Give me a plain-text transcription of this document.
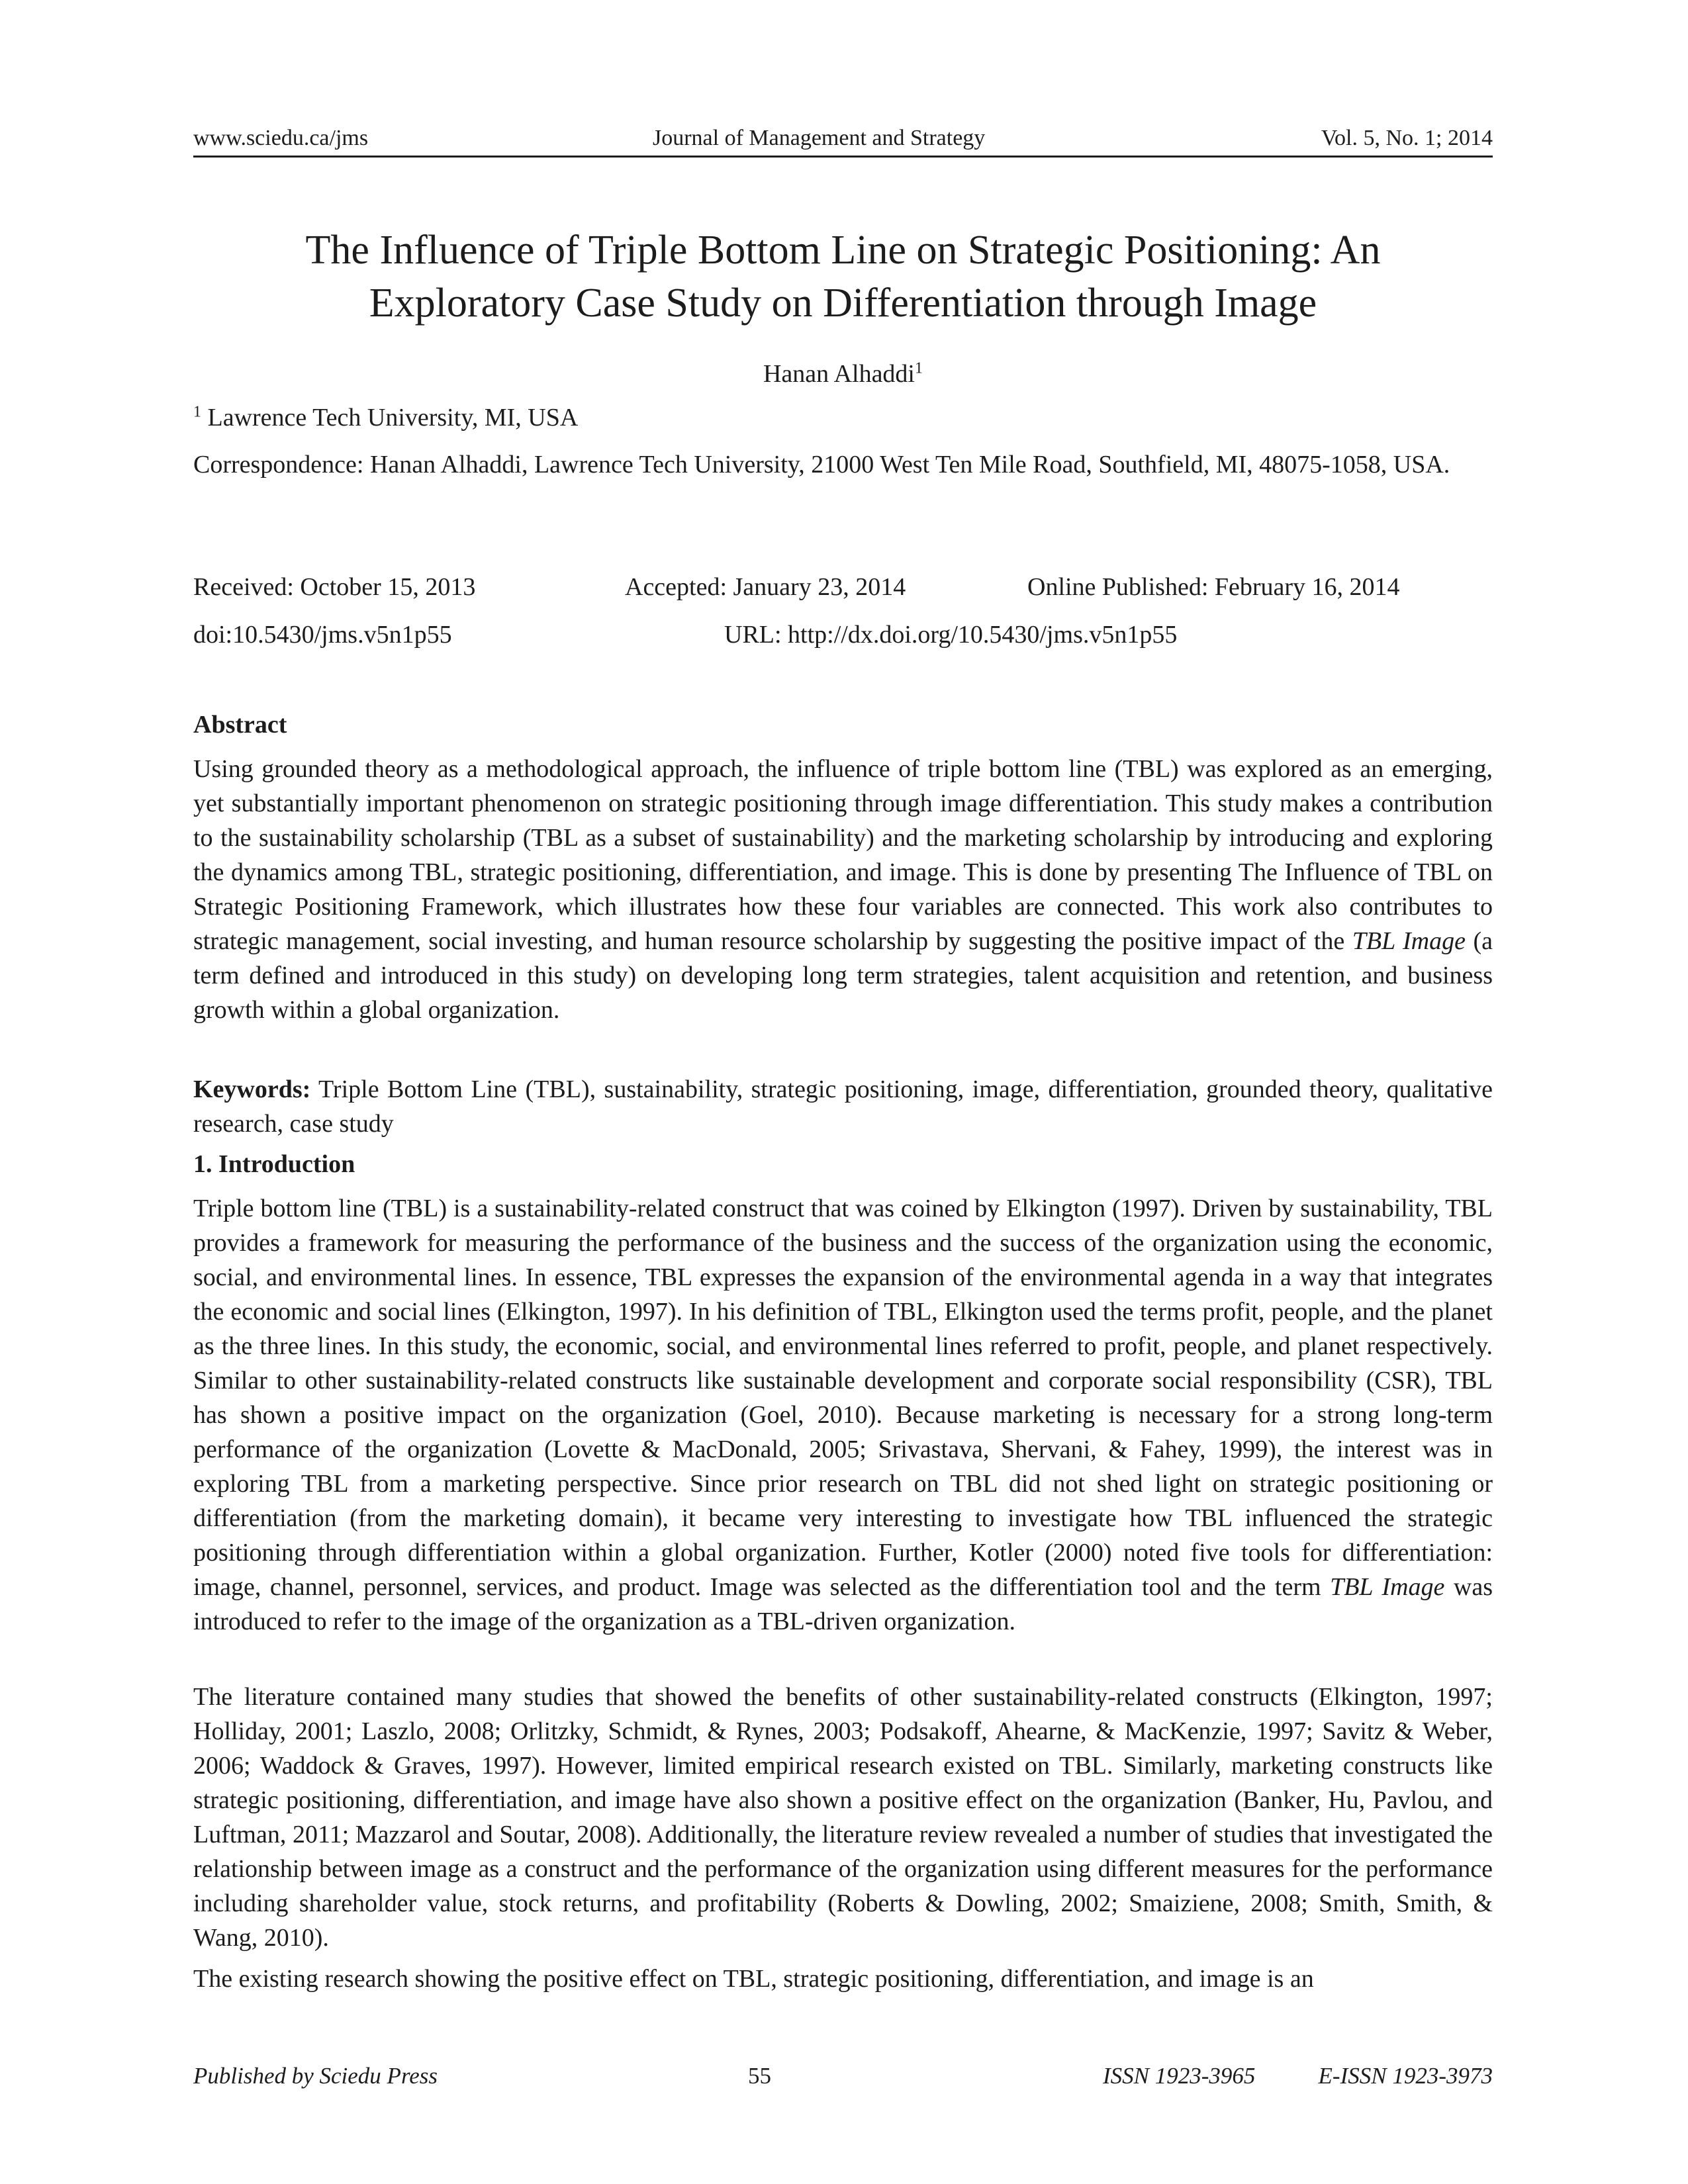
www.sciedu.ca/jms	Journal of Management and Strategy	Vol. 5, No. 1; 2014
The Influence of Triple Bottom Line on Strategic Positioning: An
Exploratory Case Study on Differentiation through Image
Hanan Alhaddi$^1$
$^1$ Lawrence Tech University, MI, USA
Correspondence: Hanan Alhaddi, Lawrence Tech University, 21000 West Ten Mile Road, Southfield, MI, 48075-1058, USA.
Received: October 15, 2013	Accepted: January 23, 2014	Online Published: February 16, 2014
doi:10.5430/jms.v5n1p55	URL: http://dx.doi.org/10.5430/jms.v5n1p55
Abstract
Using grounded theory as a methodological approach, the influence of triple bottom line (TBL) was explored as an emerging, yet substantially important phenomenon on strategic positioning through image differentiation. This study makes a contribution to the sustainability scholarship (TBL as a subset of sustainability) and the marketing scholarship by introducing and exploring the dynamics among TBL, strategic positioning, differentiation, and image. This is done by presenting The Influence of TBL on Strategic Positioning Framework, which illustrates how these four variables are connected. This work also contributes to strategic management, social investing, and human resource scholarship by suggesting the positive impact of the TBL Image (a term defined and introduced in this study) on developing long term strategies, talent acquisition and retention, and business growth within a global organization.
Keywords: Triple Bottom Line (TBL), sustainability, strategic positioning, image, differentiation, grounded theory, qualitative research, case study
1. Introduction
Triple bottom line (TBL) is a sustainability-related construct that was coined by Elkington (1997). Driven by sustainability, TBL provides a framework for measuring the performance of the business and the success of the organization using the economic, social, and environmental lines. In essence, TBL expresses the expansion of the environmental agenda in a way that integrates the economic and social lines (Elkington, 1997). In his definition of TBL, Elkington used the terms profit, people, and the planet as the three lines. In this study, the economic, social, and environmental lines referred to profit, people, and planet respectively. Similar to other sustainability-related constructs like sustainable development and corporate social responsibility (CSR), TBL has shown a positive impact on the organization (Goel, 2010). Because marketing is necessary for a strong long-term performance of the organization (Lovette & MacDonald, 2005; Srivastava, Shervani, & Fahey, 1999), the interest was in exploring TBL from a marketing perspective. Since prior research on TBL did not shed light on strategic positioning or differentiation (from the marketing domain), it became very interesting to investigate how TBL influenced the strategic positioning through differentiation within a global organization. Further, Kotler (2000) noted five tools for differentiation: image, channel, personnel, services, and product. Image was selected as the differentiation tool and the term TBL Image was introduced to refer to the image of the organization as a TBL-driven organization.
The literature contained many studies that showed the benefits of other sustainability-related constructs (Elkington, 1997; Holliday, 2001; Laszlo, 2008; Orlitzky, Schmidt, & Rynes, 2003; Podsakoff, Ahearne, & MacKenzie, 1997; Savitz & Weber, 2006; Waddock & Graves, 1997). However, limited empirical research existed on TBL. Similarly, marketing constructs like strategic positioning, differentiation, and image have also shown a positive effect on the organization (Banker, Hu, Pavlou, and Luftman, 2011; Mazzarol and Soutar, 2008). Additionally, the literature review revealed a number of studies that investigated the relationship between image as a construct and the performance of the organization using different measures for the performance including shareholder value, stock returns, and profitability (Roberts & Dowling, 2002; Smaiziene, 2008; Smith, Smith, & Wang, 2010).
The existing research showing the positive effect on TBL, strategic positioning, differentiation, and image is an
Published by Sciedu Press	55	ISSN 1923-3965	E-ISSN 1923-3973
